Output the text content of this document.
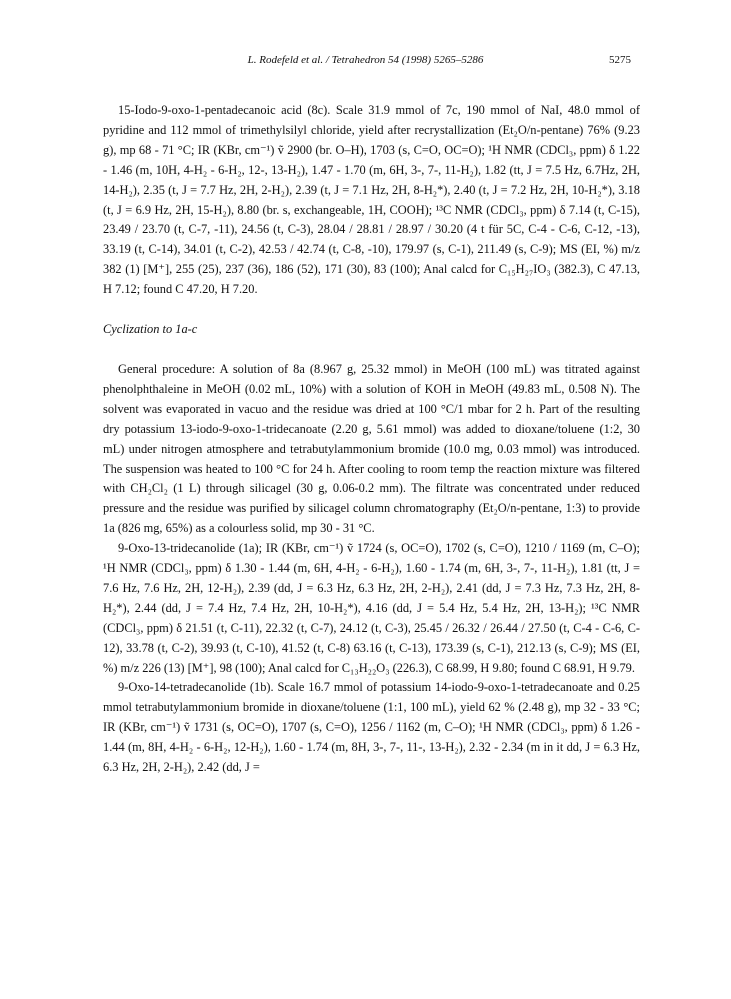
L. Rodefeld et al. / Tetrahedron 54 (1998) 5265–5286	5275

15-Iodo-9-oxo-1-pentadecanoic acid (8c). Scale 31.9 mmol of 7c, 190 mmol of NaI, 48.0 mmol of pyridine and 112 mmol of trimethylsilyl chloride, yield after recrystallization (Et₂O/n-pentane) 76% (9.23 g), mp 68 - 71 °C; IR (KBr, cm⁻¹) ṽ 2900 (br. O–H), 1703 (s, C=O, OC=O); ¹H NMR (CDCl₃, ppm) δ 1.22 - 1.46 (m, 10H, 4-H₂ - 6-H₂, 12-, 13-H₂), 1.47 - 1.70 (m, 6H, 3-, 7-, 11-H₂), 1.82 (tt, J = 7.5 Hz, 6.7Hz, 2H, 14-H₂), 2.35 (t, J = 7.7 Hz, 2H, 2-H₂), 2.39 (t, J = 7.1 Hz, 2H, 8-H₂*), 2.40 (t, J = 7.2 Hz, 2H, 10-H₂*), 3.18 (t, J = 6.9 Hz, 2H, 15-H₂), 8.80 (br. s, exchangeable, 1H, COOH); ¹³C NMR (CDCl₃, ppm) δ 7.14 (t, C-15), 23.49 / 23.70 (t, C-7, -11), 24.56 (t, C-3), 28.04 / 28.81 / 28.97 / 30.20 (4 t für 5C, C-4 - C-6, C-12, -13), 33.19 (t, C-14), 34.01 (t, C-2), 42.53 / 42.74 (t, C-8, -10), 179.97 (s, C-1), 211.49 (s, C-9); MS (EI, %) m/z 382 (1) [M⁺], 255 (25), 237 (36), 186 (52), 171 (30), 83 (100); Anal calcd for C₁₅H₂₇IO₃ (382.3), C 47.13, H 7.12; found C 47.20, H 7.20.

Cyclization to 1a-c

General procedure: A solution of 8a (8.967 g, 25.32 mmol) in MeOH (100 mL) was titrated against phenolphthaleine in MeOH (0.02 mL, 10%) with a solution of KOH in MeOH (49.83 mL, 0.508 N). The solvent was evaporated in vacuo and the residue was dried at 100 °C/1 mbar for 2 h. Part of the resulting dry potassium 13-iodo-9-oxo-1-tridecanoate (2.20 g, 5.61 mmol) was added to dioxane/toluene (1:2, 30 mL) under nitrogen atmosphere and tetrabutylammonium bromide (10.0 mg, 0.03 mmol) was introduced. The suspension was heated to 100 °C for 24 h. After cooling to room temp the reaction mixture was filtered with CH₂Cl₂ (1 L) through silicagel (30 g, 0.06-0.2 mm). The filtrate was concentrated under reduced pressure and the residue was purified by silicagel column chromatography (Et₂O/n-pentane, 1:3) to provide 1a (826 mg, 65%) as a colourless solid, mp 30 - 31 °C.

9-Oxo-13-tridecanolide (1a); IR (KBr, cm⁻¹) ṽ 1724 (s, OC=O), 1702 (s, C=O), 1210 / 1169 (m, C–O); ¹H NMR (CDCl₃, ppm) δ 1.30 - 1.44 (m, 6H, 4-H₂ - 6-H₂), 1.60 - 1.74 (m, 6H, 3-, 7-, 11-H₂), 1.81 (tt, J = 7.6 Hz, 7.6 Hz, 2H, 12-H₂), 2.39 (dd, J = 6.3 Hz, 6.3 Hz, 2H, 2-H₂), 2.41 (dd, J = 7.3 Hz, 7.3 Hz, 2H, 8-H₂*), 2.44 (dd, J = 7.4 Hz, 7.4 Hz, 2H, 10-H₂*), 4.16 (dd, J = 5.4 Hz, 5.4 Hz, 2H, 13-H₂); ¹³C NMR (CDCl₃, ppm) δ 21.51 (t, C-11), 22.32 (t, C-7), 24.12 (t, C-3), 25.45 / 26.32 / 26.44 / 27.50 (t, C-4 - C-6, C-12), 33.78 (t, C-2), 39.93 (t, C-10), 41.52 (t, C-8) 63.16 (t, C-13), 173.39 (s, C-1), 212.13 (s, C-9); MS (EI, %) m/z 226 (13) [M⁺], 98 (100); Anal calcd for C₁₃H₂₂O₃ (226.3), C 68.99, H 9.80; found C 68.91, H 9.79.

9-Oxo-14-tetradecanolide (1b). Scale 16.7 mmol of potassium 14-iodo-9-oxo-1-tetradecanoate and 0.25 mmol tetrabutylammonium bromide in dioxane/toluene (1:1, 100 mL), yield 62 % (2.48 g), mp 32 - 33 °C; IR (KBr, cm⁻¹) ṽ 1731 (s, OC=O), 1707 (s, C=O), 1256 / 1162 (m, C–O); ¹H NMR (CDCl₃, ppm) δ 1.26 - 1.44 (m, 8H, 4-H₂ - 6-H₂, 12-H₂), 1.60 - 1.74 (m, 8H, 3-, 7-, 11-, 13-H₂), 2.32 - 2.34 (m in it dd, J = 6.3 Hz, 6.3 Hz, 2H, 2-H₂), 2.42 (dd, J =
